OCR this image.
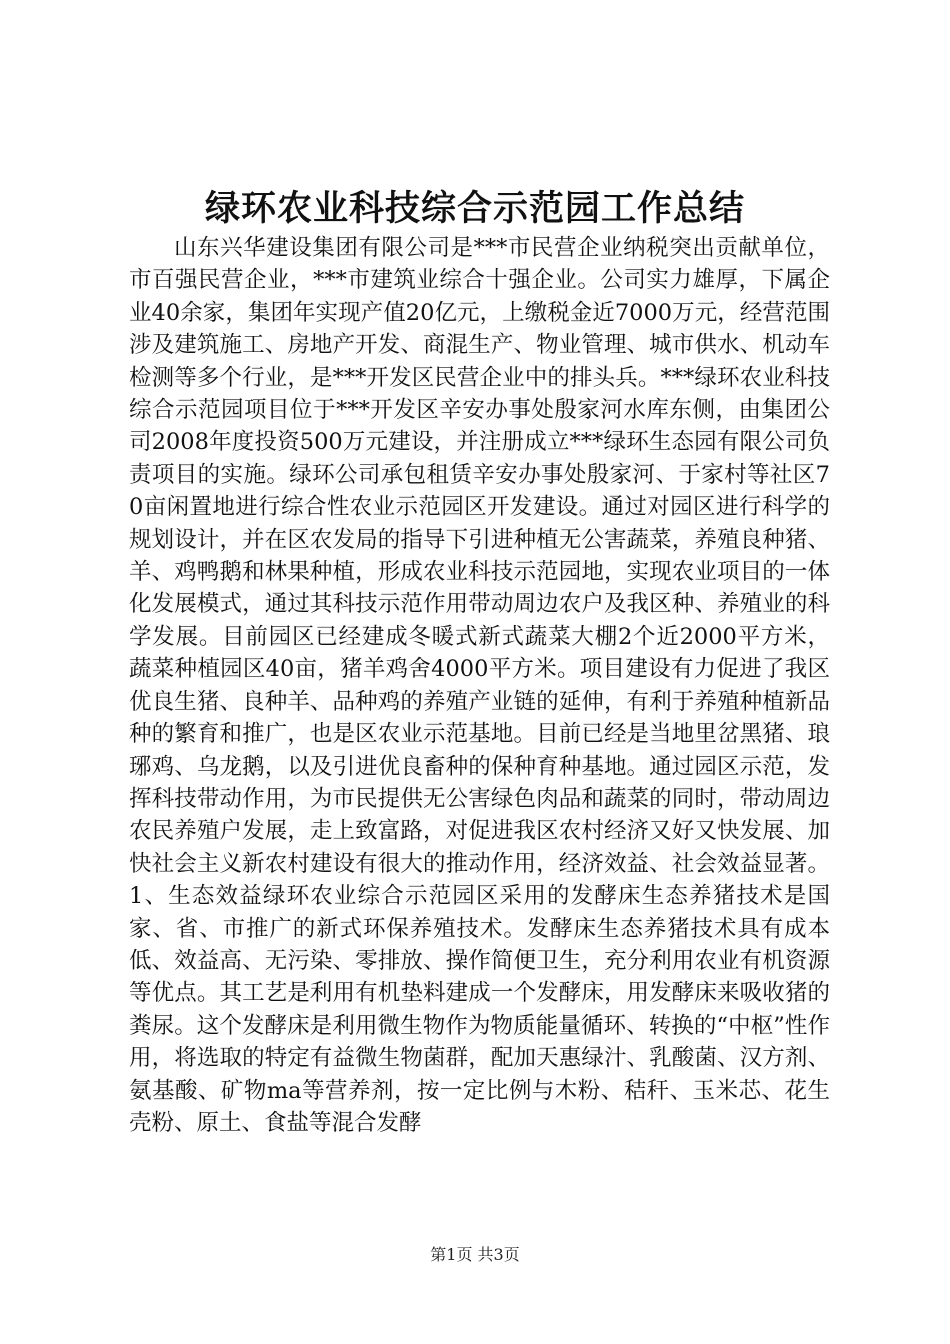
绿环农业科技综合示范园工作总结

山东兴华建设集团有限公司是***市民营企业纳税突出贡献单位，市百强民营企业，***市建筑业综合十强企业。公司实力雄厚，下属企业40余家，集团年实现产值20亿元，上缴税金近7000万元，经营范围涉及建筑施工、房地产开发、商混生产、物业管理、城市供水、机动车检测等多个行业，是***开发区民营企业中的排头兵。***绿环农业科技综合示范园项目位于***开发区辛安办事处殷家河水库东侧，由集团公司2008年度投资500万元建设，并注册成立***绿环生态园有限公司负责项目的实施。绿环公司承包租赁辛安办事处殷家河、于家村等社区70亩闲置地进行综合性农业示范园区开发建设。通过对园区进行科学的规划设计，并在区农发局的指导下引进种植无公害蔬菜，养殖良种猪、羊、鸡鸭鹅和林果种植，形成农业科技示范园地，实现农业项目的一体化发展模式，通过其科技示范作用带动周边农户及我区种、养殖业的科学发展。目前园区已经建成冬暖式新式蔬菜大棚2个近2000平方米，蔬菜种植园区40亩，猪羊鸡舍4000平方米。项目建设有力促进了我区优良生猪、良种羊、品种鸡的养殖产业链的延伸，有利于养殖种植新品种的繁育和推广，也是区农业示范基地。目前已经是当地里岔黑猪、琅琊鸡、乌龙鹅，以及引进优良畜种的保种育种基地。通过园区示范，发挥科技带动作用，为市民提供无公害绿色肉品和蔬菜的同时，带动周边农民养殖户发展，走上致富路，对促进我区农村经济又好又快发展、加快社会主义新农村建设有很大的推动作用，经济效益、社会效益显著。1、生态效益绿环农业综合示范园区采用的发酵床生态养猪技术是国家、省、市推广的新式环保养殖技术。发酵床生态养猪技术具有成本低、效益高、无污染、零排放、操作简便卫生，充分利用农业有机资源等优点。其工艺是利用有机垫料建成一个发酵床，用发酵床来吸收猪的粪尿。这个发酵床是利用微生物作为物质能量循环、转换的“中枢”性作用，将选取的特定有益微生物菌群，配加天惠绿汁、乳酸菌、汉方剂、氨基酸、矿物ma等营养剂，按一定比例与木粉、秸秆、玉米芯、花生壳粉、原土、食盐等混合发酵

第1页 共3页
